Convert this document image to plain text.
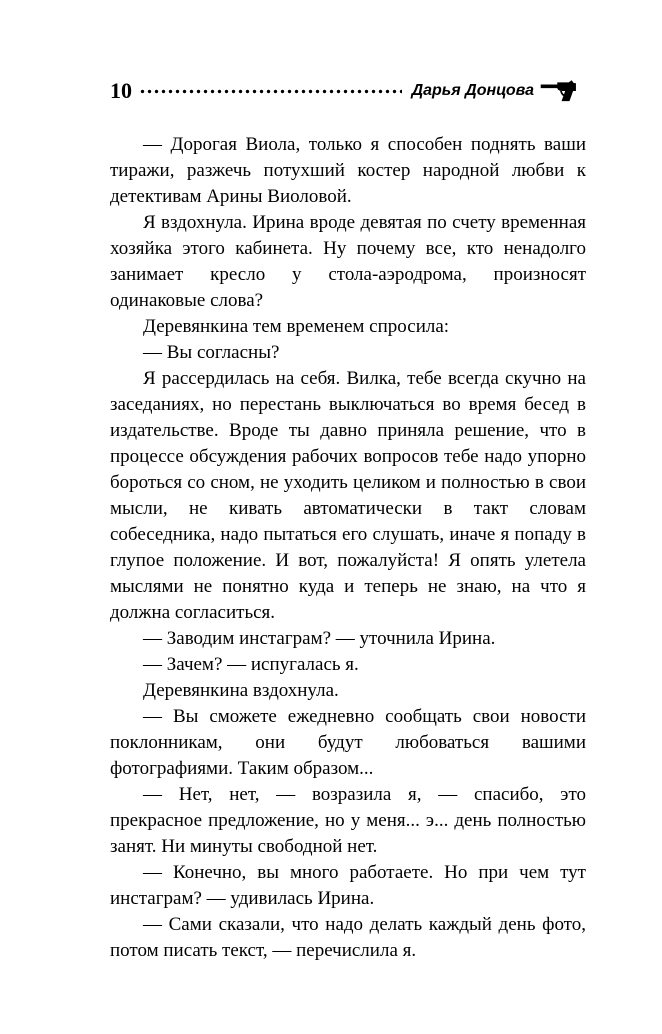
10	Дарья Донцова

— Дорогая Виола, только я способен поднять ваши тиражи, разжечь потухший костер народной любви к детективам Арины Виоловой.

Я вздохнула. Ирина вроде девятая по счету временная хозяйка этого кабинета. Ну почему все, кто ненадолго занимает кресло у стола-аэродрома, произносят одинаковые слова?

Деревянкина тем временем спросила:

— Вы согласны?

Я рассердилась на себя. Вилка, тебе всегда скучно на заседаниях, но перестань выключаться во время бесед в издательстве. Вроде ты давно приняла решение, что в процессе обсуждения рабочих вопросов тебе надо упорно бороться со сном, не уходить целиком и полностью в свои мысли, не кивать автоматически в такт словам собеседника, надо пытаться его слушать, иначе я попаду в глупое положение. И вот, пожалуйста! Я опять улетела мыслями не понятно куда и теперь не знаю, на что я должна согласиться.

— Заводим инстаграм? — уточнила Ирина.

— Зачем? — испугалась я.

Деревянкина вздохнула.

— Вы сможете ежедневно сообщать свои новости поклонникам, они будут любоваться вашими фотографиями. Таким образом...

— Нет, нет, — возразила я, — спасибо, это прекрасное предложение, но у меня... э... день полностью занят. Ни минуты свободной нет.

— Конечно, вы много работаете. Но при чем тут инстаграм? — удивилась Ирина.

— Сами сказали, что надо делать каждый день фото, потом писать текст, — перечислила я.
